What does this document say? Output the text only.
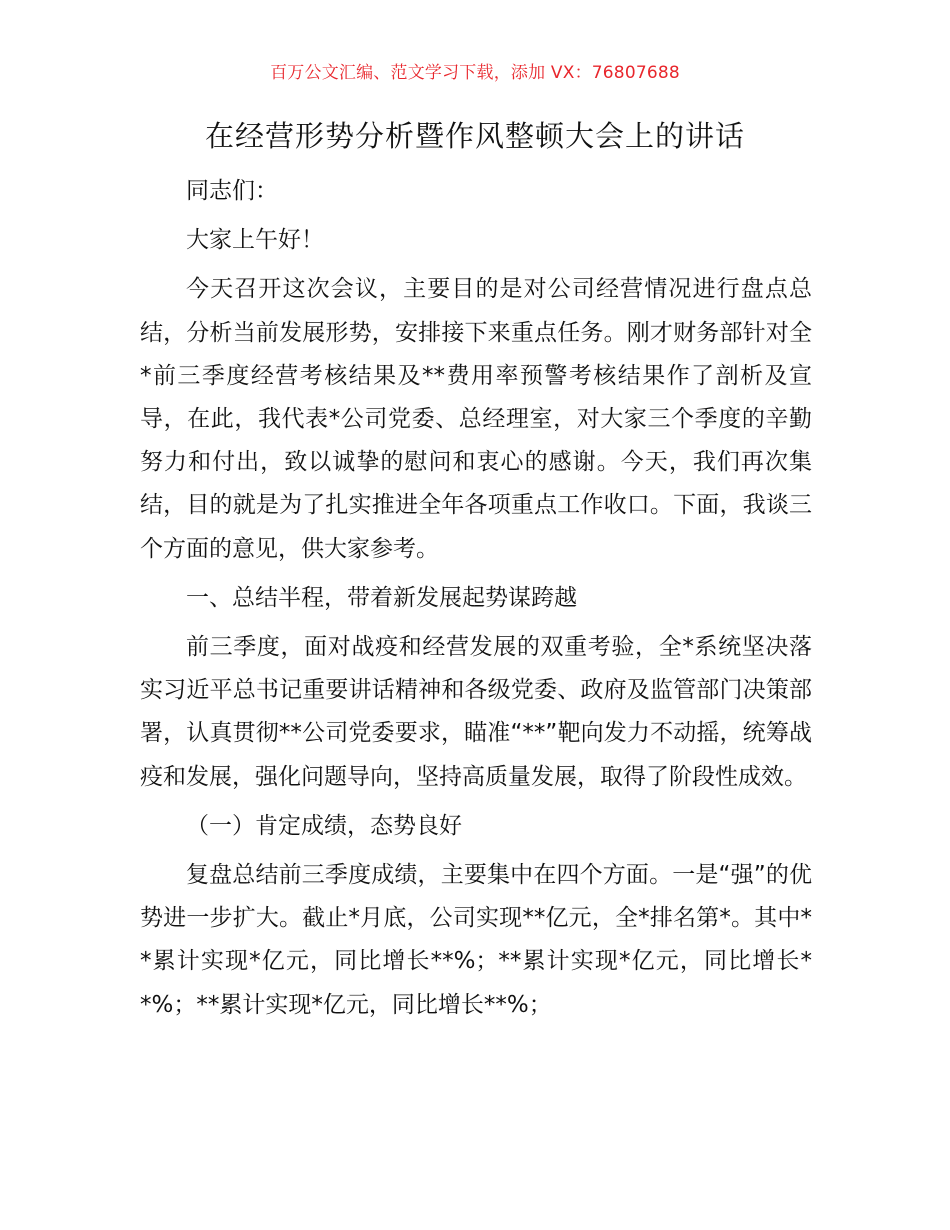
百万公文汇编、范文学习下载，添加 VX：76807688
在经营形势分析暨作风整顿大会上的讲话

同志们：

大家上午好！

今天召开这次会议，主要目的是对公司经营情况进行盘点总结，分析当前发展形势，安排接下来重点任务。刚才财务部针对全*前三季度经营考核结果及**费用率预警考核结果作了剖析及宣导，在此，我代表*公司党委、总经理室，对大家三个季度的辛勤努力和付出，致以诚挚的慰问和衷心的感谢。今天，我们再次集结，目的就是为了扎实推进全年各项重点工作收口。下面，我谈三个方面的意见，供大家参考。

一、总结半程，带着新发展起势谋跨越

前三季度，面对战疫和经营发展的双重考验，全*系统坚决落实习近平总书记重要讲话精神和各级党委、政府及监管部门决策部署，认真贯彻**公司党委要求，瞄准“**”靶向发力不动摇，统筹战疫和发展，强化问题导向，坚持高质量发展，取得了阶段性成效。

（一）肯定成绩，态势良好

复盘总结前三季度成绩，主要集中在四个方面。一是“强”的优势进一步扩大。截止*月底，公司实现**亿元，全*排名第*。其中**累计实现*亿元，同比增长**%；**累计实现*亿元，同比增长**%；**累计实现*亿元，同比增长**%；
